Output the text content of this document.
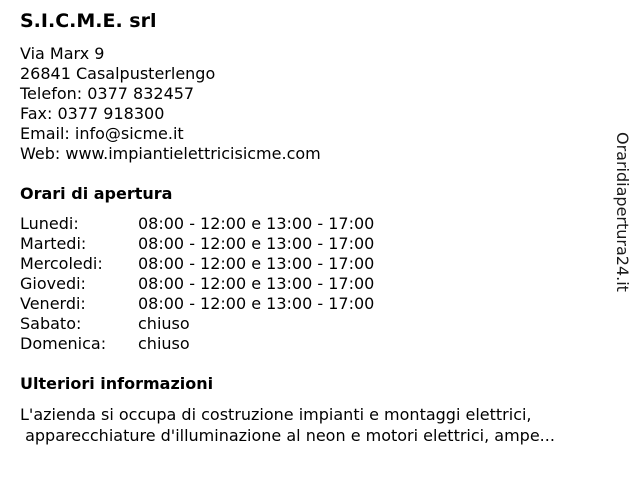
S.I.C.M.E. srl
Via Marx 9
26841 Casalpusterlengo
Telefon: 0377 832457
Fax: 0377 918300
Email: info@sicme.it
Web: www.impiantielettricisicme.com
Orari di apertura
Lunedi:	08:00 - 12:00 e 13:00 - 17:00
Martedi:	08:00 - 12:00 e 13:00 - 17:00
Mercoledi: 08:00 - 12:00 e 13:00 - 17:00
Giovedi:	08:00 - 12:00 e 13:00 - 17:00
Venerdi:	08:00 - 12:00 e 13:00 - 17:00
Sabato:	chiuso
Domenica: chiuso
Ulteriori informazioni
L'azienda si occupa di costruzione impianti e montaggi elettrici,
apparecchiature d'illuminazione al neon e motori elettrici, ampe...
Oraridiapertura24.it
